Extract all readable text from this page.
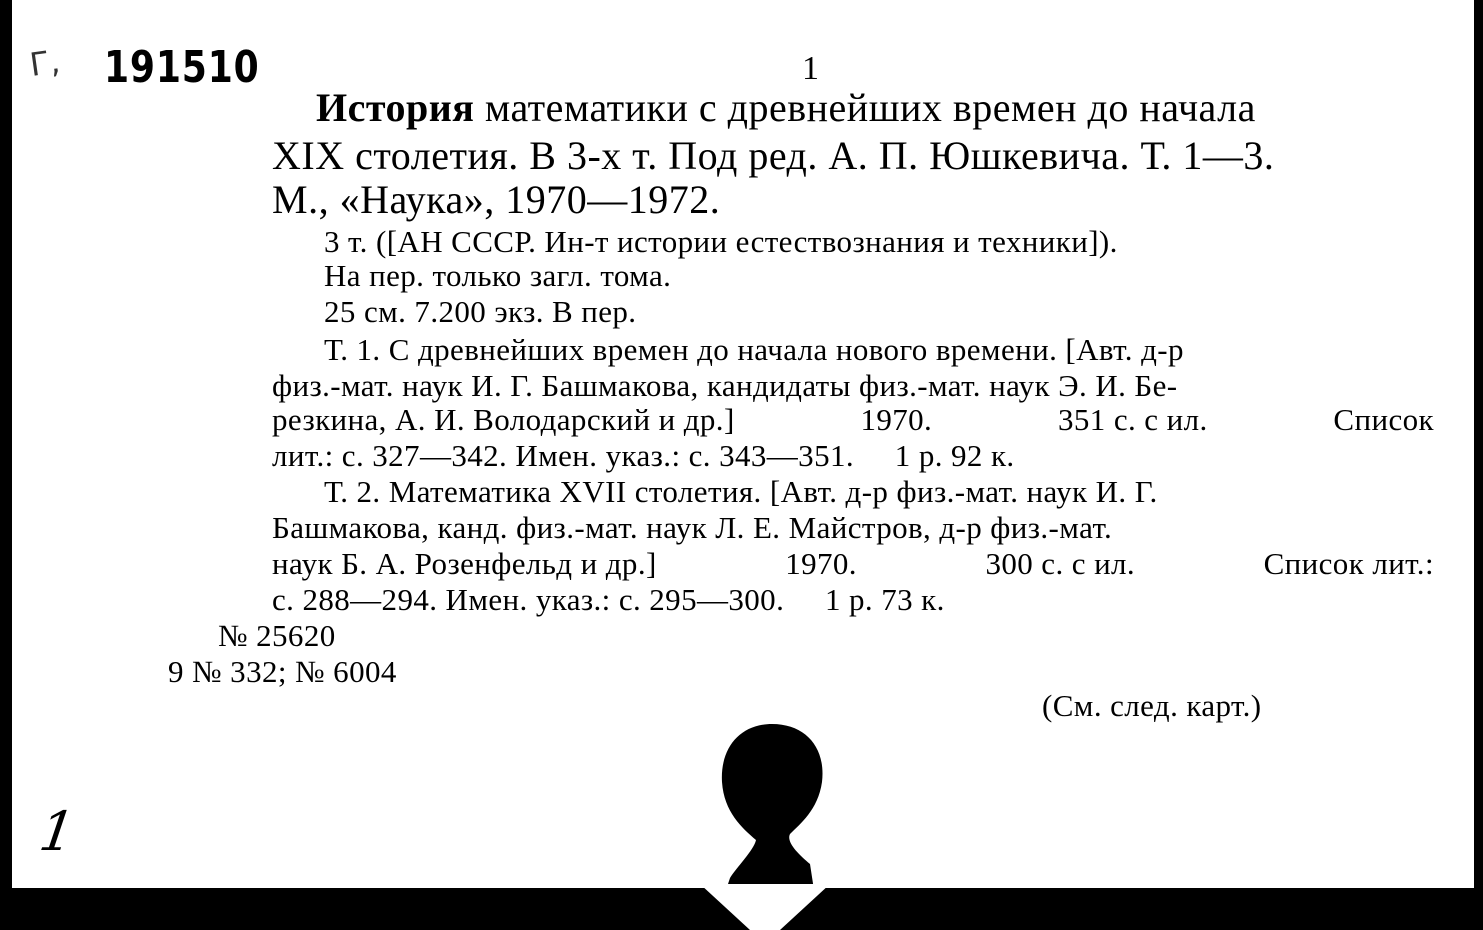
Г, 191510	1
История математики с древнейших времен до начала
XIX столетия. В 3-х т. Под ред. А. П. Юшкевича. Т. 1—3.
М., «Наука», 1970—1972.
3 т. ([АН СССР. Ин-т истории естествознания и техники]).
На пер. только загл. тома.
25 см. 7.200 экз. В пер.
Т. 1. С древнейших времен до начала нового времени. [Авт. д-р
физ.-мат. наук И. Г. Башмакова, кандидаты физ.-мат. наук Э. И. Бе-
резкина, А. И. Володарский и др.]	1970.	351 с. с ил.	Список
лит.: с. 327—342. Имен. указ.: с. 343—351.     1 р. 92 к.
Т. 2. Математика XVII столетия. [Авт. д-р физ.-мат. наук И. Г.
Башмакова, канд. физ.-мат. наук Л. Е. Майстров, д-р физ.-мат.
наук Б. А. Розенфельд и др.]	1970.	300 с. с ил.	Список лит.:
с. 288—294. Имен. указ.: с. 295—300.     1 р. 73 к.
№ 25620
9 № 332; № 6004
(См. след. карт.)
1
